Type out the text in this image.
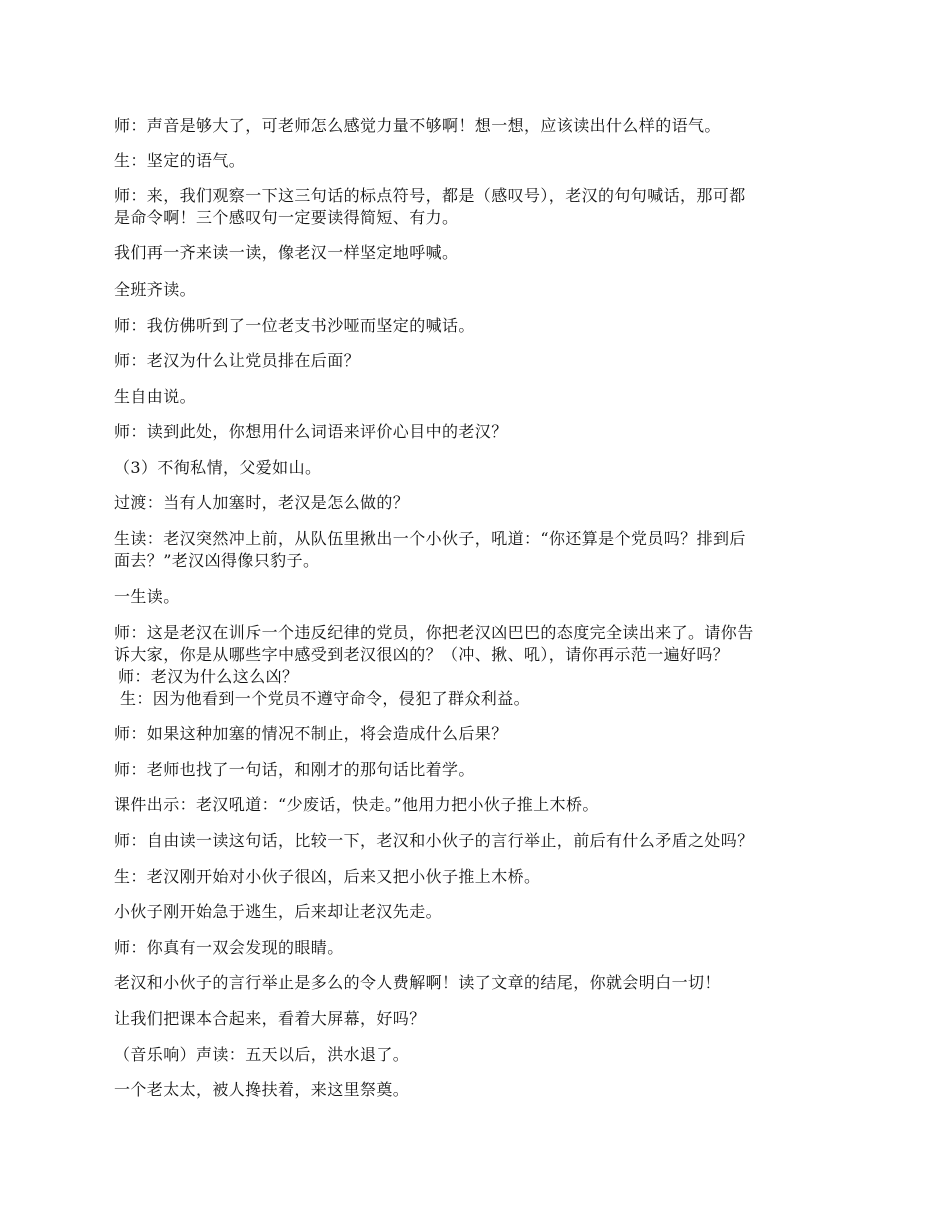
师：声音是够大了，可老师怎么感觉力量不够啊！想一想，应该读出什么样的语气。
生：坚定的语气。
师：来，我们观察一下这三句话的标点符号，都是（感叹号），老汉的句句喊话，那可都
是命令啊！三个感叹句一定要读得简短、有力。
我们再一齐来读一读，像老汉一样坚定地呼喊。
全班齐读。
师：我仿佛听到了一位老支书沙哑而坚定的喊话。
师：老汉为什么让党员排在后面？
生自由说。
师：读到此处，你想用什么词语来评价心目中的老汉？
（3）不徇私情，父爱如山。
过渡：当有人加塞时，老汉是怎么做的？
生读：老汉突然冲上前，从队伍里揪出一个小伙子，吼道：“你还算是个党员吗？排到后
面去？”老汉凶得像只豹子。
一生读。
师：这是老汉在训斥一个违反纪律的党员，你把老汉凶巴巴的态度完全读出来了。请你告
诉大家，你是从哪些字中感受到老汉很凶的？（冲、揪、吼），请你再示范一遍好吗？
师：老汉为什么这么凶？
生：因为他看到一个党员不遵守命令，侵犯了群众利益。
师：如果这种加塞的情况不制止，将会造成什么后果？
师：老师也找了一句话，和刚才的那句话比着学。
课件出示：老汉吼道：“少废话，快走。”他用力把小伙子推上木桥。
师：自由读一读这句话，比较一下，老汉和小伙子的言行举止，前后有什么矛盾之处吗？
生：老汉刚开始对小伙子很凶，后来又把小伙子推上木桥。
小伙子刚开始急于逃生，后来却让老汉先走。
师：你真有一双会发现的眼睛。
老汉和小伙子的言行举止是多么的令人费解啊！读了文章的结尾，你就会明白一切！
让我们把课本合起来，看着大屏幕，好吗？
（音乐响）声读：五天以后，洪水退了。
一个老太太，被人搀扶着，来这里祭奠。
